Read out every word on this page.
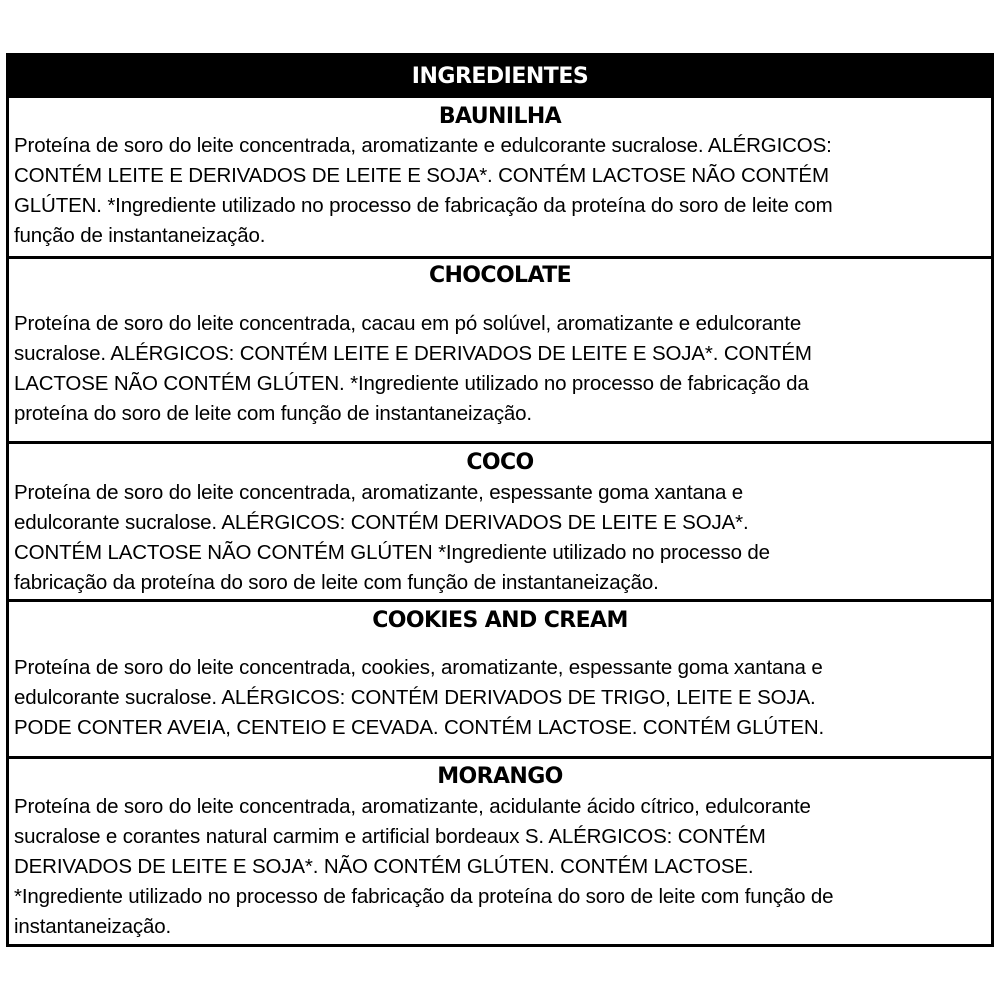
INGREDIENTES
BAUNILHA
Proteína de soro do leite concentrada, aromatizante e edulcorante sucralose. ALÉRGICOS:
CONTÉM LEITE E DERIVADOS DE LEITE E SOJA*. CONTÉM LACTOSE NÃO CONTÉM
GLÚTEN. *Ingrediente utilizado no processo de fabricação da proteína do soro de leite com
função de instantaneização.
CHOCOLATE
Proteína de soro do leite concentrada, cacau em pó solúvel, aromatizante e edulcorante
sucralose. ALÉRGICOS: CONTÉM LEITE E DERIVADOS DE LEITE E SOJA*. CONTÉM
LACTOSE NÃO CONTÉM GLÚTEN. *Ingrediente utilizado no processo de fabricação da
proteína do soro de leite com função de instantaneização.
COCO
Proteína de soro do leite concentrada, aromatizante, espessante goma xantana e
edulcorante sucralose. ALÉRGICOS: CONTÉM DERIVADOS DE LEITE E SOJA*.
CONTÉM LACTOSE NÃO CONTÉM GLÚTEN *Ingrediente utilizado no processo de
fabricação da proteína do soro de leite com função de instantaneização.
COOKIES AND CREAM
Proteína de soro do leite concentrada, cookies, aromatizante, espessante goma xantana e
edulcorante sucralose. ALÉRGICOS: CONTÉM DERIVADOS DE TRIGO, LEITE E SOJA.
PODE CONTER AVEIA, CENTEIO E CEVADA. CONTÉM LACTOSE. CONTÉM GLÚTEN.
MORANGO
Proteína de soro do leite concentrada, aromatizante, acidulante ácido cítrico, edulcorante
sucralose e corantes natural carmim e artificial bordeaux S. ALÉRGICOS: CONTÉM
DERIVADOS DE LEITE E SOJA*. NÃO CONTÉM GLÚTEN. CONTÉM LACTOSE.
*Ingrediente utilizado no processo de fabricação da proteína do soro de leite com função de
instantaneização.
